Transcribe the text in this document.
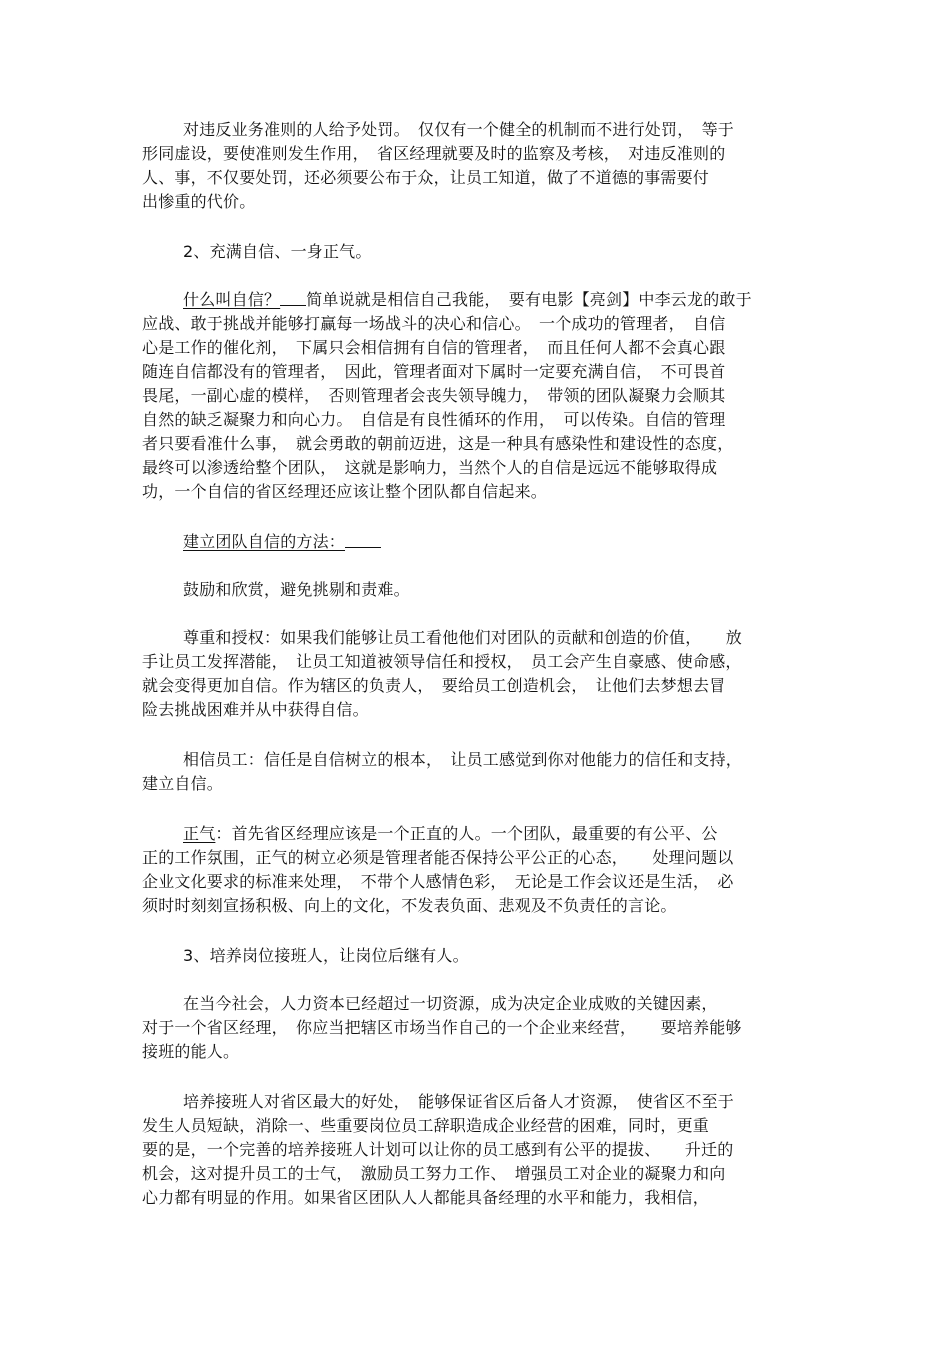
对违反业务准则的人给予处罚。　仅仅有一个健全的机制而不进行处罚，　等于
形同虚设，要使准则发生作用，　省区经理就要及时的监察及考核，　对违反准则的
人、事，不仅要处罚，还必须要公布于众，让员工知道，做了不道德的事需要付
出惨重的代价。
2、充满自信、一身正气。
什么叫自信？ 简单说就是相信自己我能，　要有电影【亮剑】中李云龙的敢于
应战、敢于挑战并能够打赢每一场战斗的决心和信心。　一个成功的管理者，　自信
心是工作的催化剂，　下属只会相信拥有自信的管理者，　而且任何人都不会真心跟
随连自信都没有的管理者，　因此，管理者面对下属时一定要充满自信，　不可畏首
畏尾，一副心虚的模样，　否则管理者会丧失领导魄力，　带领的团队凝聚力会顺其
自然的缺乏凝聚力和向心力。　自信是有良性循环的作用，　可以传染。自信的管理
者只要看准什么事，　就会勇敢的朝前迈进，这是一种具有感染性和建设性的态度，
最终可以渗透给整个团队，　这就是影响力，当然个人的自信是远远不能够取得成
功，一个自信的省区经理还应该让整个团队都自信起来。
建立团队自信的方法：
鼓励和欣赏，避免挑剔和责难。
尊重和授权：如果我们能够让员工看他他们对团队的贡献和创造的价值，　　放
手让员工发挥潜能，　让员工知道被领导信任和授权，　员工会产生自豪感、使命感，
就会变得更加自信。作为辖区的负责人，　要给员工创造机会，　让他们去梦想去冒
险去挑战困难并从中获得自信。
相信员工：信任是自信树立的根本，　让员工感觉到你对他能力的信任和支持，
建立自信。
正气：首先省区经理应该是一个正直的人。一个团队，最重要的有公平、公
正的工作氛围，正气的树立必须是管理者能否保持公平公正的心态，　　处理问题以
企业文化要求的标准来处理，　不带个人感情色彩，　无论是工作会议还是生活，　必
须时时刻刻宣扬积极、向上的文化，不发表负面、悲观及不负责任的言论。
3、培养岗位接班人，让岗位后继有人。
在当今社会，人力资本已经超过一切资源，成为决定企业成败的关键因素，
对于一个省区经理，　你应当把辖区市场当作自己的一个企业来经营，　　要培养能够
接班的能人。
培养接班人对省区最大的好处，　能够保证省区后备人才资源，　使省区不至于
发生人员短缺，消除一、些重要岗位员工辞职造成企业经营的困难，同时，更重
要的是，一个完善的培养接班人计划可以让你的员工感到有公平的提拔、　　升迁的
机会，这对提升员工的士气，　激励员工努力工作、　增强员工对企业的凝聚力和向
心力都有明显的作用。如果省区团队人人都能具备经理的水平和能力，我相信，
